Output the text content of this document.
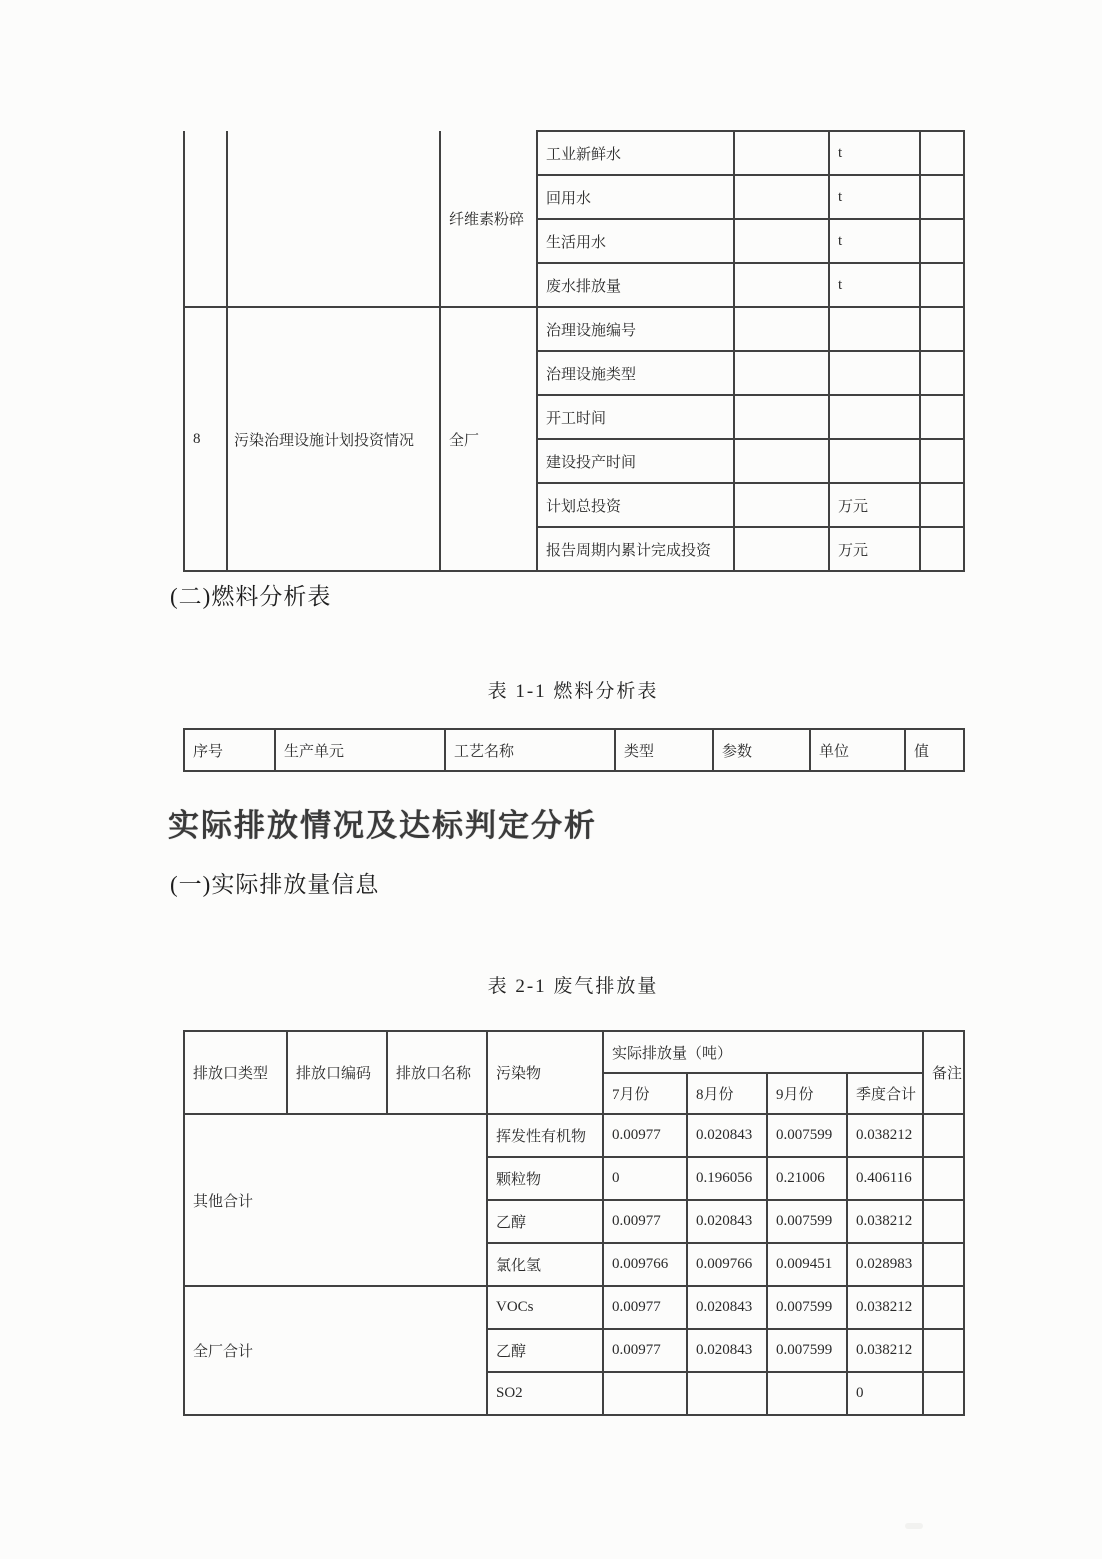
		纤维素粉碎	工业新鲜水		t	
			回用水		t	
			生活用水		t	
			废水排放量		t	
8	污染治理设施计划投资情况	全厂	治理设施编号			
			治理设施类型			
			开工时间			
			建设投产时间			
			计划总投资		万元	
			报告周期内累计完成投资		万元	
(二)燃料分析表
表 1-1 燃料分析表
序号	生产单元	工艺名称	类型	参数	单位	值
实际排放情况及达标判定分析
(一)实际排放量信息
表 2-1 废气排放量
排放口类型	排放口编码	排放口名称	污染物	实际排放量（吨）				备注
				7月份	8月份	9月份	季度合计	
其他合计			挥发性有机物	0.00977	0.020843	0.007599	0.038212	
			颗粒物	0	0.196056	0.21006	0.406116	
			乙醇	0.00977	0.020843	0.007599	0.038212	
			氯化氢	0.009766	0.009766	0.009451	0.028983	
全厂合计			VOCs	0.00977	0.020843	0.007599	0.038212	
			乙醇	0.00977	0.020843	0.007599	0.038212	
			SO2				0	
